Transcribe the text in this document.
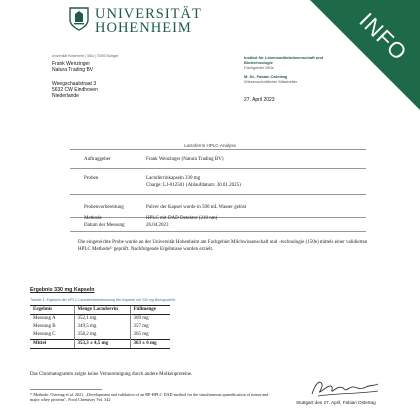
INFO
UNIVERSITÄT
HOHENHEIM
Universität Hohenheim | 330a | 70593 Stuttgart
Frank Wenzinger
Natura Trading BV
Weegschaalstraat 3
5632 CW Eindhoven
Niederlande
Institut für Lebensmittelwissenschaft und
Biotechnologie
Fachgebiet 150e
M. Sc. Fabian Ostertag
Wissenschaftlicher Mitarbeiter
27. April 2023
Lactoferrin HPLC-Analyse
Auftraggeber	Frank Wenzinger (Natura Trading BV)
Proben	Lactoferrinkapseln 330 mg
Charge: LJ-012501 (Ablaufdatum: 30.01.2025)
Probenvorbereitung	Pulver der Kapsel wurde in 500 mL Wasser gelöst
Datum der Messung	26.04.2023
Methode	HPLC mit DAD Detektor (210 nm)
Die eingereichte Probe wurde an der Universität Hohenheim am Fachgebiet Milchwissenschaft und –technologie (150e) mittels einer validierten HPLC Methode¹⁾ geprüft. Nachfolgende Ergebnisse wurden erzielt.
Ergebnis 330 mg Kapseln
Tabelle 1: Ergebnis der HPLC Lactoferrinbestimmung der Kapseln mit 330 mg Bezugswicht
Ergebnis	Menge Lactoferrin	Füllmenge
Messung A	352,1 mg	369 mg
Messung B	349,5 mg	357 mg
Messung C	358,2 mg	365 mg
Mittel	353,3 ± 4,5 mg	363 ± 6 mg
Das Chromatogramm zeigte keine Verunreinigung durch andere Molkenproteine.
¹⁾ Methode: Ostertag et al. 2021, „Development and validation of an RP-HPLC DAD method for the simultaneous quantification of minor and major whey proteins", Food Chemistry Vol. 342
Stuttgart den 27. April, Fabian Ostertag
